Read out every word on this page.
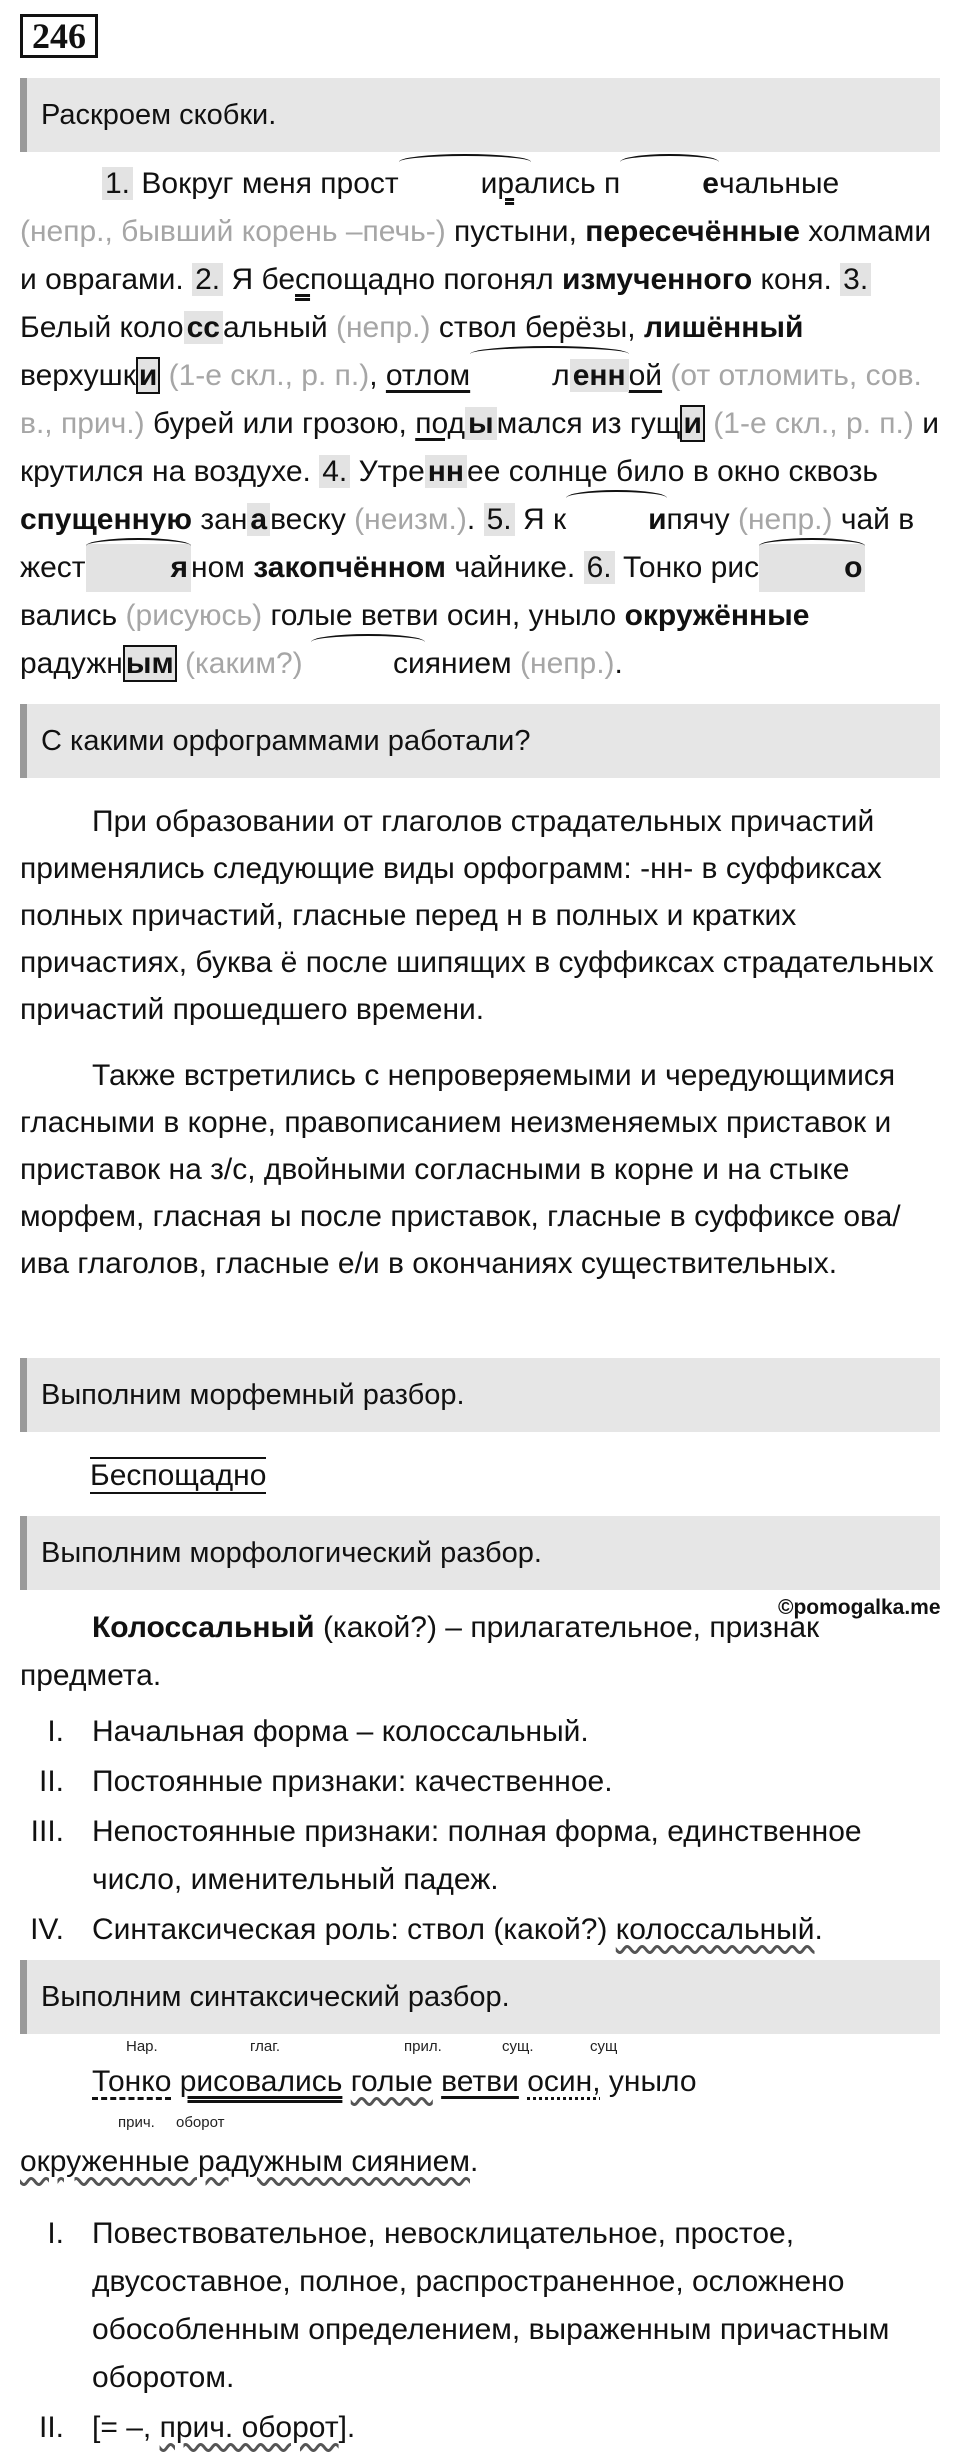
246
Раскроем скобки.

1. Вокруг меня прост	ирались п	ечальные (непр., бывший корень –печь-) пустыни, пересечённые холмами и оврагами. 2. Я беспощадно погонял измученного коня. 3. Белый коло сс альный (непр.) ствол берёзы, лишённый верхушк и (1-е скл., р. п.), отлом	л енн ой (от отломить, сов. в., прич.) бурей или грозою, под ы мался из гущ и (1-е скл., р. п.) и крутился на воздухе. 4. Утре нн ее солнце било в окно сквозь спущенную зан а веску (неизм.). 5. Я к	ипячу (непр.) чай в жест	я ном закопчённом чайнике. 6. Тонко рис	овались (рисуюсь) голые ветви осин, уныло окружённые радужн ым (каким?)	сиянием (непр.).

С какими орфограммами работали?

При образовании от глаголов страдательных причастий применялись следующие виды орфограмм: -нн- в суффиксах полных причастий, гласные перед н в полных и кратких причастиях, буква ё после шипящих в суффиксах страдательных причастий прошедшего времени.

Также встретились с непроверяемыми и чередующимися гласными в корне, правописанием неизменяемых приставок и приставок на з/с, двойными согласными в корне и на стыке морфем, гласная ы после приставок, гласные в суффиксе ова/ива глаголов, гласные е/и в окончаниях существительных.

Выполним морфемный разбор.
Беспощадно
Выполним морфологический разбор.
©pomogalka.me

Колоссальный (какой?) – прилагательное, признак предмета.

I. Начальная форма – колоссальный.
II. Постоянные признаки: качественное.
III. Непостоянные признаки: полная форма, единственное число, именительный падеж.
IV. Синтаксическая роль: ствол (какой?) колоссальный.
Выполним синтаксический разбор.
Нар.	глаг.	прил.	сущ.	сущ
Тонко рисовались голые ветви осин, уныло
прич. оборот
окруженные радужным сиянием.
I. Повествовательное, невосклицательное, простое, двусоставное, полное, распространенное, осложнено обособленным определением, выраженным причастным оборотом.
II. [= –, прич. оборот].
